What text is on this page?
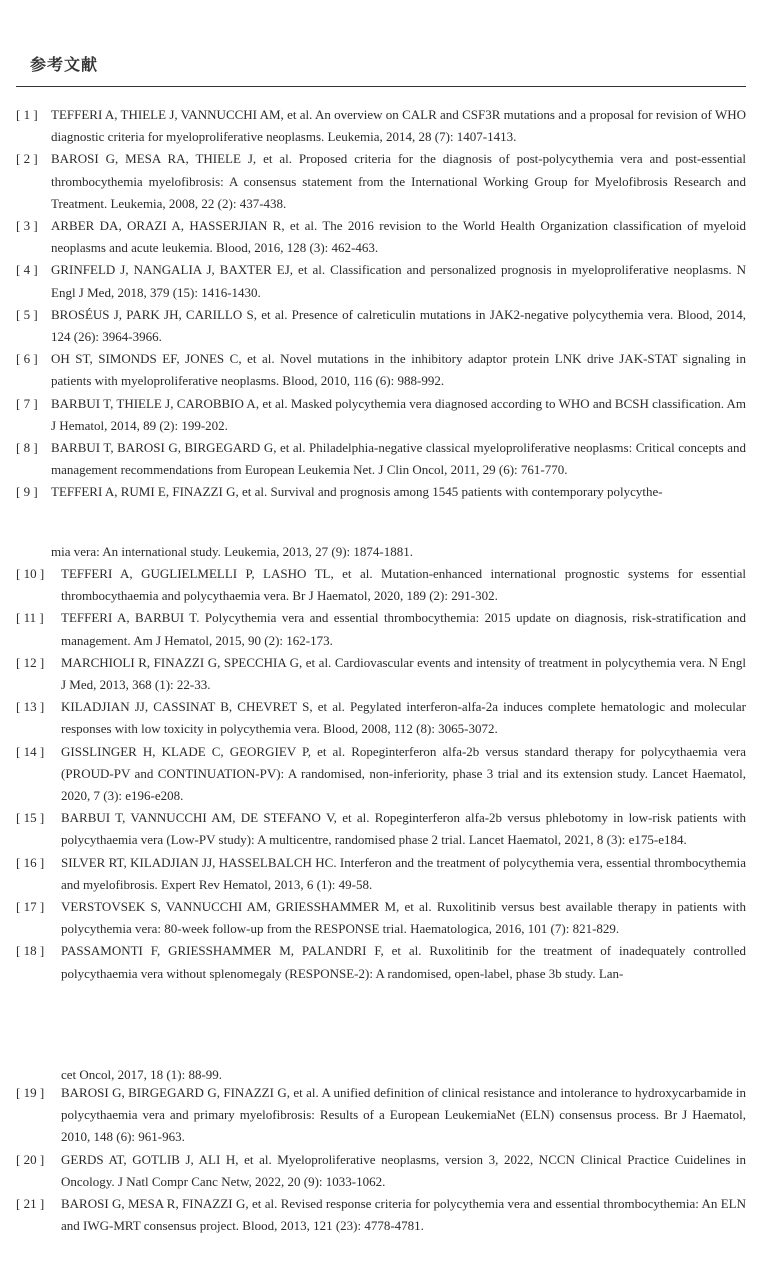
参考文献
[ 1 ] TEFFERI A, THIELE J, VANNUCCHI AM, et al. An overview on CALR and CSF3R mutations and a proposal for revision of WHO diagnostic criteria for myeloproliferative neoplasms. Leukemia, 2014, 28 (7): 1407-1413.
[ 2 ] BAROSI G, MESA RA, THIELE J, et al. Proposed criteria for the diagnosis of post-polycythemia vera and post-essential thrombocythemia myelofibrosis: A consensus statement from the International Working Group for Myelofibrosis Research and Treatment. Leukemia, 2008, 22 (2): 437-438.
[ 3 ] ARBER DA, ORAZI A, HASSERJIAN R, et al. The 2016 revision to the World Health Organization classification of myeloid neoplasms and acute leukemia. Blood, 2016, 128 (3): 462-463.
[ 4 ] GRINFELD J, NANGALIA J, BAXTER EJ, et al. Classification and personalized prognosis in myeloproliferative neoplasms. N Engl J Med, 2018, 379 (15): 1416-1430.
[ 5 ] BROSÉUS J, PARK JH, CARILLO S, et al. Presence of calreticulin mutations in JAK2-negative polycythemia vera. Blood, 2014, 124 (26): 3964-3966.
[ 6 ] OH ST, SIMONDS EF, JONES C, et al. Novel mutations in the inhibitory adaptor protein LNK drive JAK-STAT signaling in patients with myeloproliferative neoplasms. Blood, 2010, 116 (6): 988-992.
[ 7 ] BARBUI T, THIELE J, CAROBBIO A, et al. Masked polycythemia vera diagnosed according to WHO and BCSH classification. Am J Hematol, 2014, 89 (2): 199-202.
[ 8 ] BARBUI T, BAROSI G, BIRGEGARD G, et al. Philadelphia-negative classical myeloproliferative neoplasms: Critical concepts and management recommendations from European Leukemia Net. J Clin Oncol, 2011, 29 (6): 761-770.
[ 9 ] TEFFERI A, RUMI E, FINAZZI G, et al. Survival and prognosis among 1545 patients with contemporary polycythe-
mia vera: An international study. Leukemia, 2013, 27 (9): 1874-1881.
[ 10 ] TEFFERI A, GUGLIELMELLI P, LASHO TL, et al. Mutation-enhanced international prognostic systems for essential thrombocythaemia and polycythaemia vera. Br J Haematol, 2020, 189 (2): 291-302.
[ 11 ] TEFFERI A, BARBUI T. Polycythemia vera and essential thrombocythemia: 2015 update on diagnosis, risk-stratification and management. Am J Hematol, 2015, 90 (2): 162-173.
[ 12 ] MARCHIOLI R, FINAZZI G, SPECCHIA G, et al. Cardiovascular events and intensity of treatment in polycythemia vera. N Engl J Med, 2013, 368 (1): 22-33.
[ 13 ] KILADJIAN JJ, CASSINAT B, CHEVRET S, et al. Pegylated interferon-alfa-2a induces complete hematologic and molecular responses with low toxicity in polycythemia vera. Blood, 2008, 112 (8): 3065-3072.
[ 14 ] GISSLINGER H, KLADE C, GEORGIEV P, et al. Ropeginterferon alfa-2b versus standard therapy for polycythaemia vera (PROUD-PV and CONTINUATION-PV): A randomised, non-inferiority, phase 3 trial and its extension study. Lancet Haematol, 2020, 7 (3): e196-e208.
[ 15 ] BARBUI T, VANNUCCHI AM, DE STEFANO V, et al. Ropeginterferon alfa-2b versus phlebotomy in low-risk patients with polycythaemia vera (Low-PV study): A multicentre, randomised phase 2 trial. Lancet Haematol, 2021, 8 (3): e175-e184.
[ 16 ] SILVER RT, KILADJIAN JJ, HASSELBALCH HC. Interferon and the treatment of polycythemia vera, essential thrombocythemia and myelofibrosis. Expert Rev Hematol, 2013, 6 (1): 49-58.
[ 17 ] VERSTOVSEK S, VANNUCCHI AM, GRIESSHAMMER M, et al. Ruxolitinib versus best available therapy in patients with polycythemia vera: 80-week follow-up from the RESPONSE trial. Haematologica, 2016, 101 (7): 821-829.
[ 18 ] PASSAMONTI F, GRIESSHAMMER M, PALANDRI F, et al. Ruxolitinib for the treatment of inadequately controlled polycythaemia vera without splenomegaly (RESPONSE-2): A randomised, open-label, phase 3b study. Lan-
cet Oncol, 2017, 18 (1): 88-99.
[ 19 ] BAROSI G, BIRGEGARD G, FINAZZI G, et al. A unified definition of clinical resistance and intolerance to hydroxycarbamide in polycythaemia vera and primary myelofibrosis: Results of a European LeukemiaNet (ELN) consensus process. Br J Haematol, 2010, 148 (6): 961-963.
[ 20 ] GERDS AT, GOTLIB J, ALI H, et al. Myeloproliferative neoplasms, version 3, 2022, NCCN Clinical Practice Cuidelines in Oncology. J Natl Compr Canc Netw, 2022, 20 (9): 1033-1062.
[ 21 ] BAROSI G, MESA R, FINAZZI G, et al. Revised response criteria for polycythemia vera and essential thrombocythemia: An ELN and IWG-MRT consensus project. Blood, 2013, 121 (23): 4778-4781.
